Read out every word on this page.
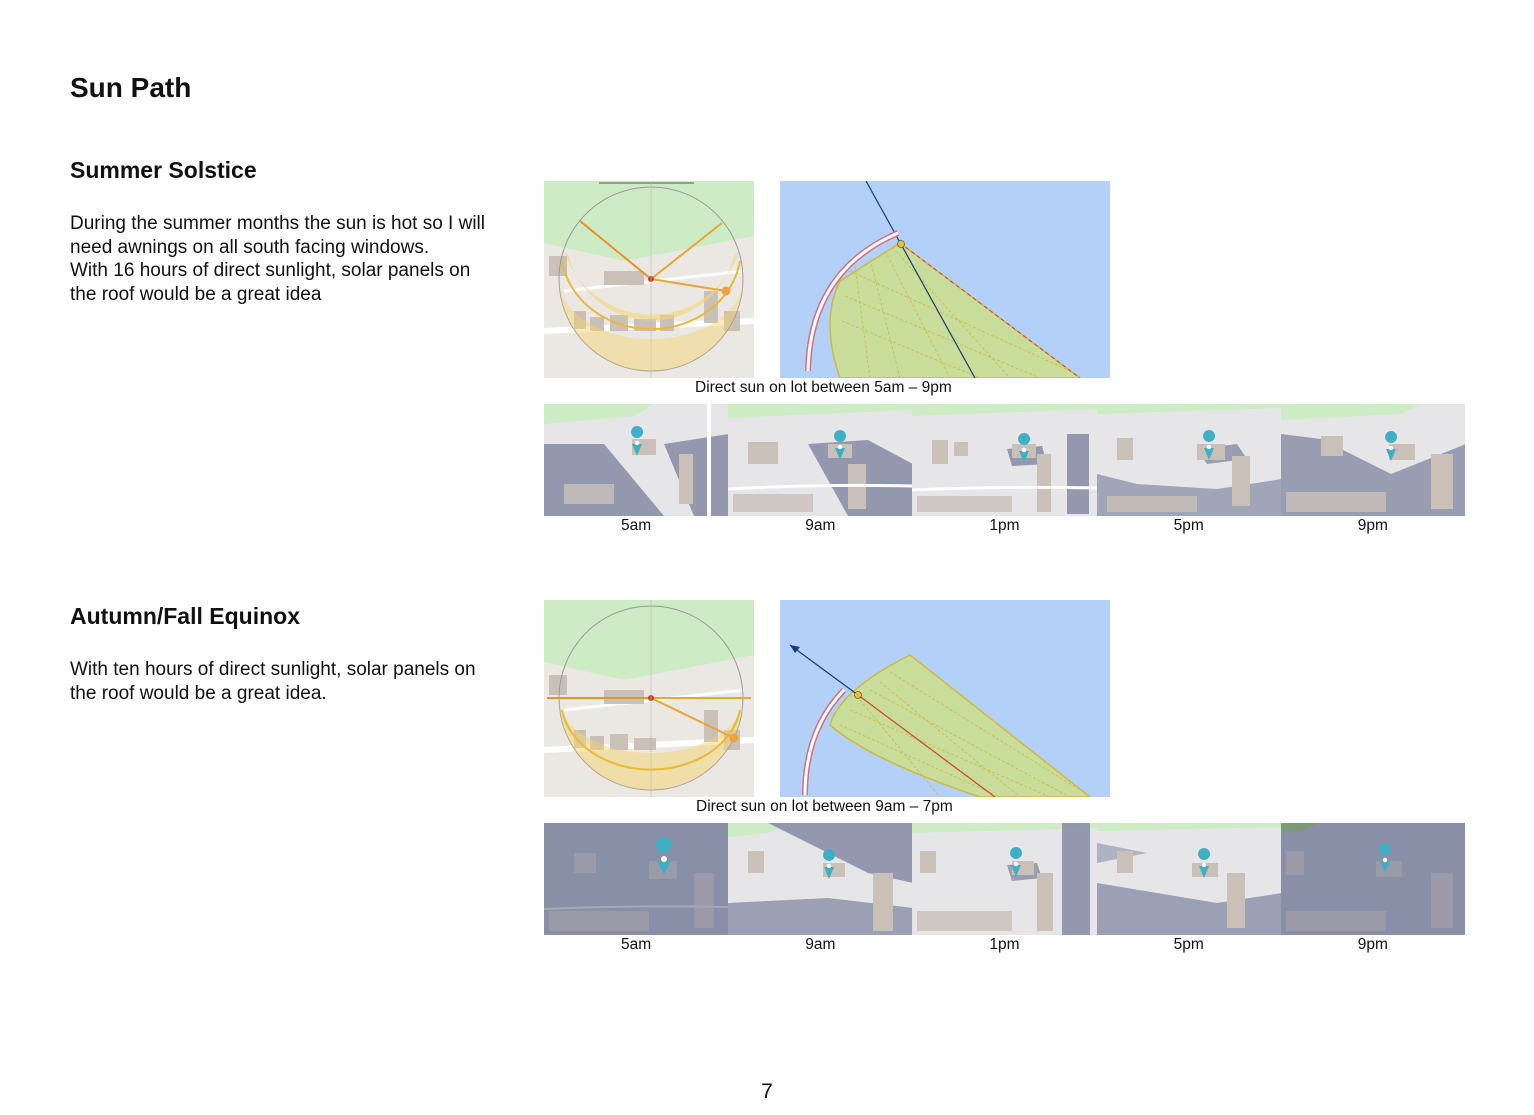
Sun Path
Summer Solstice

During the summer months the sun is hot so I will
need awnings on all south facing windows.
With 16 hours of direct sunlight, solar panels on
the roof would be a great idea

Direct sun on lot between 5am – 9pm
5am	9am	1pm	5pm	9pm
Autumn/Fall Equinox

With ten hours of direct sunlight, solar panels on
the roof would be a great idea.

Direct sun on lot between 9am – 7pm
5am	9am	1pm	5pm	9pm
7
